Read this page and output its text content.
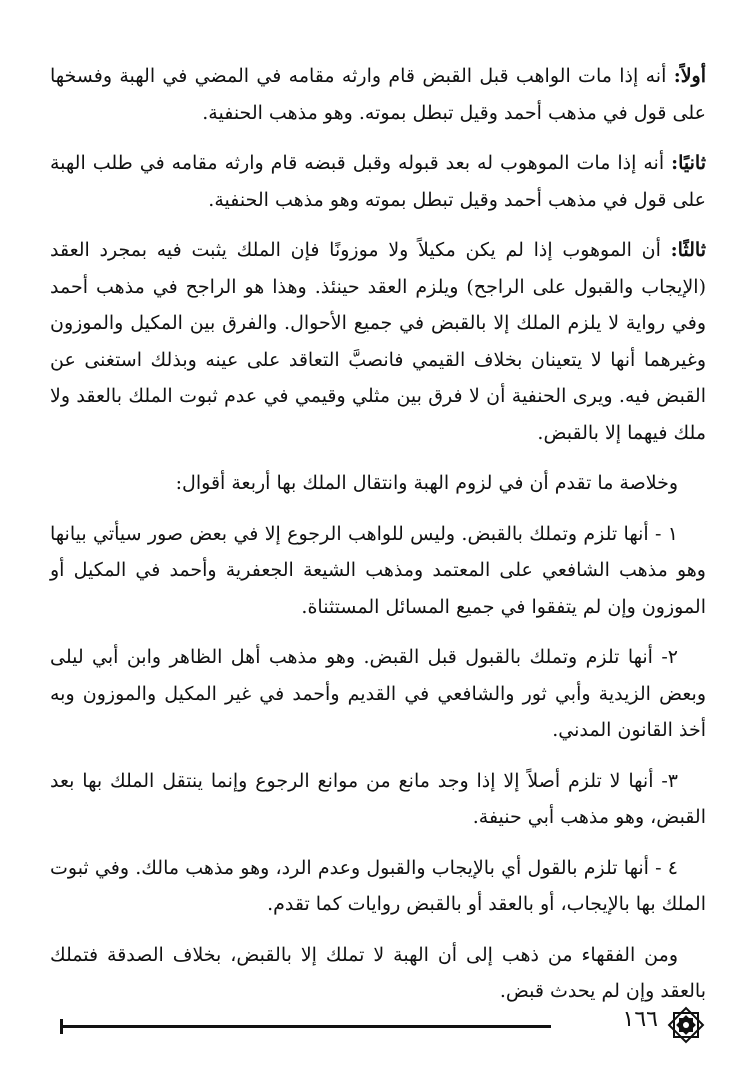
أولاً: أنه إذا مات الواهب قبل القبض قام وارثه مقامه في المضي في الهبة وفسخها على قول في مذهب أحمد وقيل تبطل بموته. وهو مذهب الحنفية.

ثانيًا: أنه إذا مات الموهوب له بعد قبوله وقبل قبضه قام وارثه مقامه في طلب الهبة على قول في مذهب أحمد وقيل تبطل بموته وهو مذهب الحنفية.

ثالثًا: أن الموهوب إذا لم يكن مكيلاً ولا موزونًا فإن الملك يثبت فيه بمجرد العقد (الإيجاب والقبول على الراجح) ويلزم العقد حينئذ. وهذا هو الراجح في مذهب أحمد وفي رواية لا يلزم الملك إلا بالقبض في جميع الأحوال. والفرق بين المكيل والموزون وغيرهما أنها لا يتعينان بخلاف القيمي فانصبَّ التعاقد على عينه وبذلك استغنى عن القبض فيه. ويرى الحنفية أن لا فرق بين مثلي وقيمي في عدم ثبوت الملك بالعقد ولا ملك فيهما إلا بالقبض.

وخلاصة ما تقدم أن في لزوم الهبة وانتقال الملك بها أربعة أقوال:

١ - أنها تلزم وتملك بالقبض. وليس للواهب الرجوع إلا في بعض صور سيأتي بيانها وهو مذهب الشافعي على المعتمد ومذهب الشيعة الجعفرية وأحمد في المكيل أو الموزون وإن لم يتفقوا في جميع المسائل المستثناة.

٢- أنها تلزم وتملك بالقبول قبل القبض. وهو مذهب أهل الظاهر وابن أبي ليلى وبعض الزيدية وأبي ثور والشافعي في القديم وأحمد في غير المكيل والموزون وبه أخذ القانون المدني.

٣- أنها لا تلزم أصلاً إلا إذا وجد مانع من موانع الرجوع وإنما ينتقل الملك بها بعد القبض، وهو مذهب أبي حنيفة.

٤ - أنها تلزم بالقول أي بالإيجاب والقبول وعدم الرد، وهو مذهب مالك. وفي ثبوت الملك بها بالإيجاب، أو بالعقد أو بالقبض روايات كما تقدم.

ومن الفقهاء من ذهب إلى أن الهبة لا تملك إلا بالقبض، بخلاف الصدقة فتملك بالعقد وإن لم يحدث قبض.

١٦٦
